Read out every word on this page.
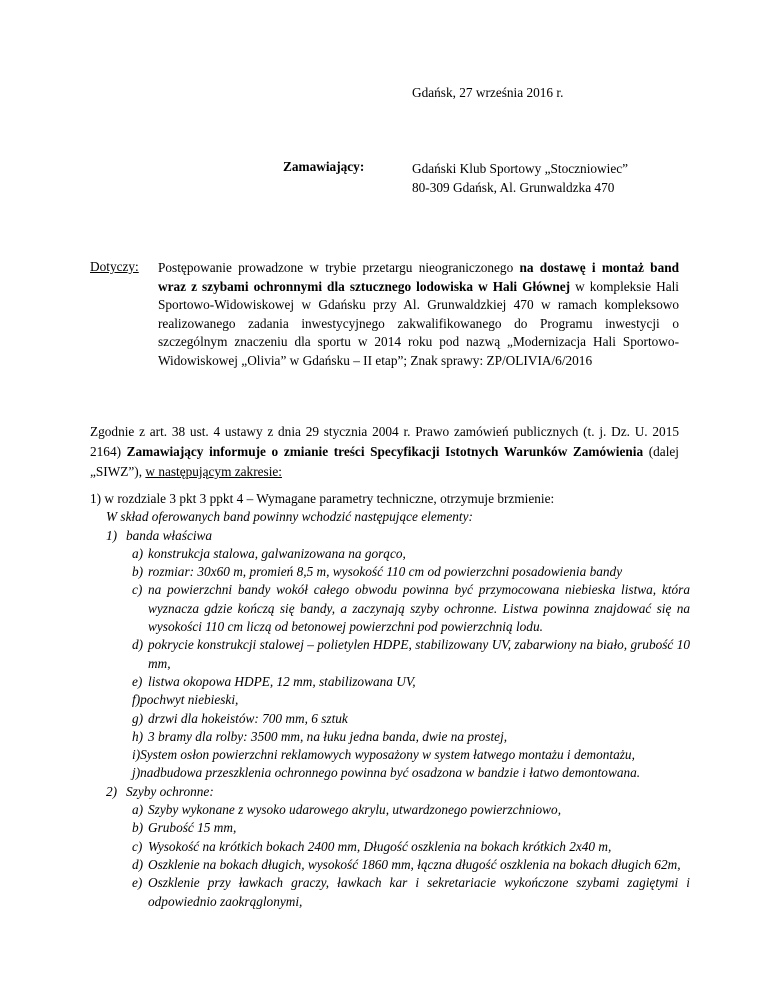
Gdańsk, 27 września 2016 r.
Zamawiający:	Gdański Klub Sportowy „Stoczniowiec”
80-309 Gdańsk, Al. Grunwaldzka 470
Dotyczy: Postępowanie prowadzone w trybie przetargu nieograniczonego na dostawę i montaż band wraz z szybami ochronnymi dla sztucznego lodowiska w Hali Głównej w kompleksie Hali Sportowo-Widowiskowej w Gdańsku przy Al. Grunwaldzkiej 470 w ramach kompleksowo realizowanego zadania inwestycyjnego zakwalifikowanego do Programu inwestycji o szczególnym znaczeniu dla sportu w 2014 roku pod nazwą „Modernizacja Hali Sportowo-Widowiskowej „Olivia” w Gdańsku – II etap”; Znak sprawy: ZP/OLIVIA/6/2016
Zgodnie z art. 38 ust. 4 ustawy z dnia 29 stycznia 2004 r. Prawo zamówień publicznych (t. j. Dz. U. 2015 2164) Zamawiający informuje o zmianie treści Specyfikacji Istotnych Warunków Zamówienia (dalej „SIWZ”), w następującym zakresie:
1) w rozdziale 3 pkt 3 ppkt 4 – Wymagane parametry techniczne, otrzymuje brzmienie:
W skład oferowanych band powinny wchodzić następujące elementy:
1) banda właściwa
a) konstrukcja stalowa, galwanizowana na gorąco,
b) rozmiar: 30x60 m, promień 8,5 m, wysokość 110 cm od powierzchni posadowienia bandy
c) na powierzchni bandy wokół całego obwodu powinna być przymocowana niebieska listwa, która wyznacza gdzie kończą się bandy, a zaczynają szyby ochronne. Listwa powinna znajdować się na wysokości 110 cm liczą od betonowej powierzchni pod powierzchnią lodu.
d) pokrycie konstrukcji stalowej – polietylen HDPE, stabilizowany UV, zabarwiony na biało, grubość 10 mm,
e) listwa okopowa HDPE, 12 mm, stabilizowana UV,
f) pochwyt niebieski,
g) drzwi dla hokeistów: 700 mm, 6 sztuk
h) 3 bramy dla rolby: 3500 mm, na łuku jedna banda, dwie na prostej,
i) System osłon powierzchni reklamowych wyposażony w system łatwego montażu i demontażu,
j) nadbudowa przeszklenia ochronnego powinna być osadzona w bandzie i łatwo demontowana.
2) Szyby ochronne:
a) Szyby wykonane z wysoko udarowego akrylu, utwardzonego powierzchniowo,
b) Grubość 15 mm,
c) Wysokość na krótkich bokach 2400 mm, Długość oszklenia na bokach krótkich 2x40 m,
d) Oszklenie na bokach długich, wysokość 1860 mm, łączna długość oszklenia na bokach długich 62m,
e) Oszklenie przy ławkach graczy, ławkach kar i sekretariacie wykończone szybami zagiętymi i odpowiednio zaokrąglonymi,
